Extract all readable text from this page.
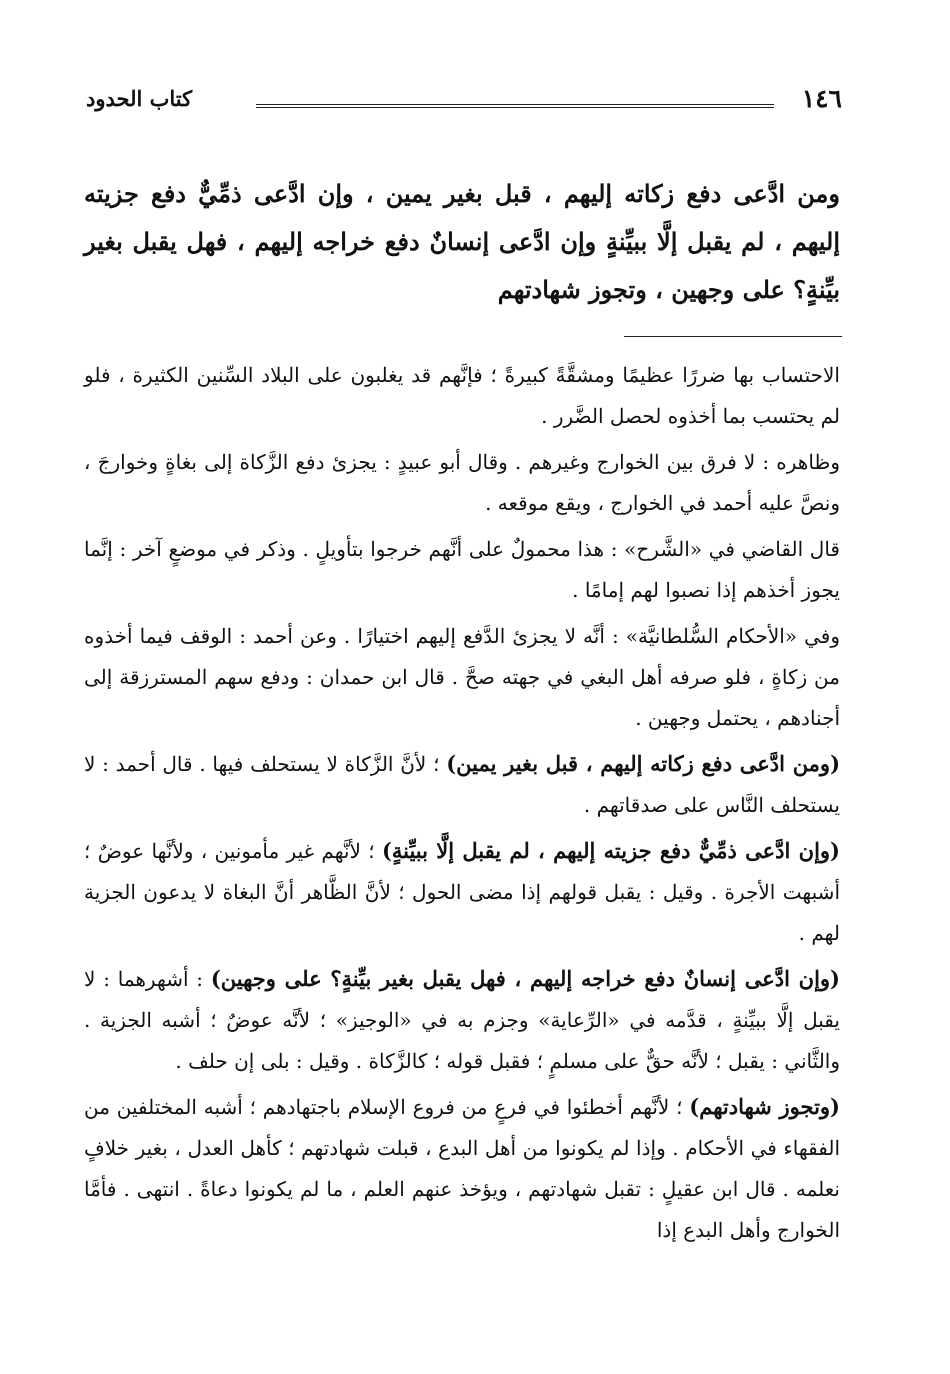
١٤٦
كتاب الحدود
ومن ادَّعى دفع زكاته إليهم ، قبل بغير يمين ، وإن ادَّعى ذمِّيٌّ دفع جزيته إليهم ، لم يقبل إلَّا ببيِّنةٍ وإن ادَّعى إنسانٌ دفع خراجه إليهم ، فهل يقبل بغير بيِّنةٍ؟ على وجهين ، وتجوز شهادتهم

الاحتساب بها ضررًا عظيمًا ومشقَّةً كبيرةً ؛ فإنَّهم قد يغلبون على البلاد السِّنين الكثيرة ، فلو لم يحتسب بما أخذوه لحصل الضَّرر .

وظاهره : لا فرق بين الخوارج وغيرهم . وقال أبو عبيدٍ : يجزئ دفع الزَّكاة إلى بغاةٍ وخوارجَ ، ونصَّ عليه أحمد في الخوارج ، ويقع موقعه .

قال القاضي في «الشَّرح» : هذا محمولٌ على أنَّهم خرجوا بتأويلٍ . وذكر في موضعٍ آخر : إنَّما يجوز أخذهم إذا نصبوا لهم إمامًا .

وفي «الأحكام السُّلطانيَّة» : أنَّه لا يجزئ الدَّفع إليهم اختيارًا . وعن أحمد : الوقف فيما أخذوه من زكاةٍ ، فلو صرفه أهل البغي في جهته صحَّ . قال ابن حمدان : ودفع سهم المسترزقة إلى أجنادهم ، يحتمل وجهين .

(ومن ادَّعى دفع زكاته إليهم ، قبل بغير يمين) ؛ لأنَّ الزَّكاة لا يستحلف فيها . قال أحمد : لا يستحلف النَّاس على صدقاتهم .

(وإن ادَّعى ذمِّيٌّ دفع جزيته إليهم ، لم يقبل إلَّا ببيِّنةٍ) ؛ لأنَّهم غير مأمونين ، ولأنَّها عوضٌ ؛ أشبهت الأجرة . وقيل : يقبل قولهم إذا مضى الحول ؛ لأنَّ الظَّاهر أنَّ البغاة لا يدعون الجزية لهم .

(وإن ادَّعى إنسانٌ دفع خراجه إليهم ، فهل يقبل بغير بيِّنةٍ؟ على وجهين) : أشهرهما : لا يقبل إلَّا ببيِّنةٍ ، قدَّمه في «الرِّعاية» وجزم به في «الوجيز» ؛ لأنَّه عوضٌ ؛ أشبه الجزية . والثَّاني : يقبل ؛ لأنَّه حقٌّ على مسلمٍ ؛ فقبل قوله ؛ كالزَّكاة . وقيل : بلى إن حلف .

(وتجوز شهادتهم) ؛ لأنَّهم أخطئوا في فرعٍ من فروع الإسلام باجتهادهم ؛ أشبه المختلفين من الفقهاء في الأحكام . وإذا لم يكونوا من أهل البدع ، قبلت شهادتهم ؛ كأهل العدل ، بغير خلافٍ نعلمه . قال ابن عقيلٍ : تقبل شهادتهم ، ويؤخذ عنهم العلم ، ما لم يكونوا دعاةً . انتهى . فأمَّا الخوارج وأهل البدع إذا
